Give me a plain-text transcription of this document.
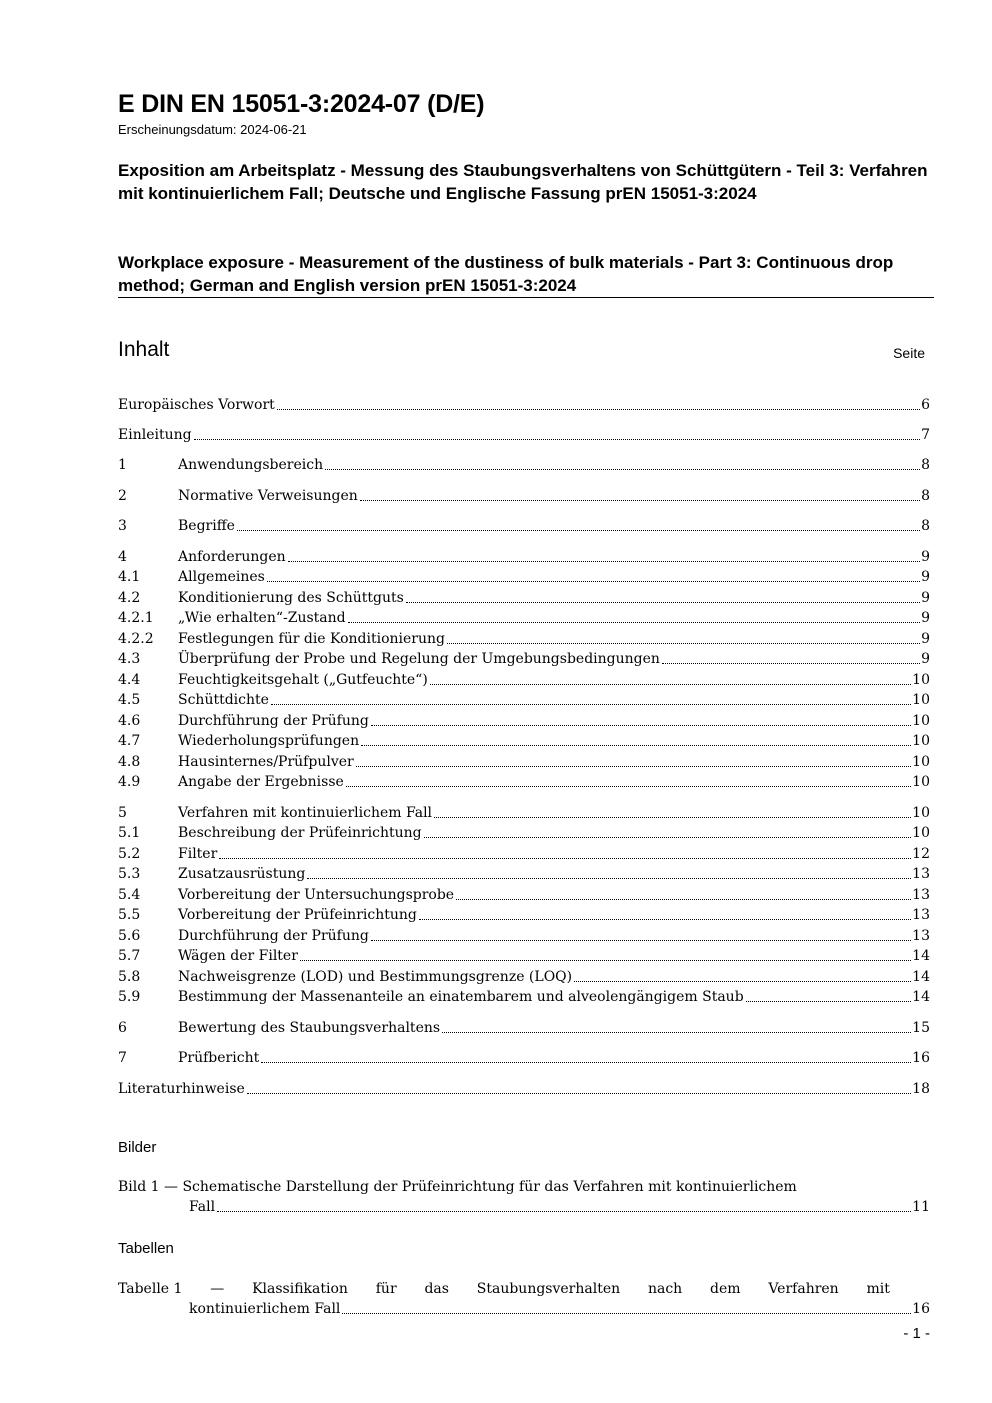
E DIN EN 15051-3:2024-07 (D/E)
Erscheinungsdatum: 2024-06-21
Exposition am Arbeitsplatz - Messung des Staubungsverhaltens von Schüttgütern - Teil 3: Verfahren mit kontinuierlichem Fall; Deutsche und Englische Fassung prEN 15051-3:2024
Workplace exposure - Measurement of the dustiness of bulk materials - Part 3: Continuous drop method; German and English version prEN 15051-3:2024
Inhalt	Seite
Europäisches Vorwort	6
Einleitung	7
1	Anwendungsbereich	8
2	Normative Verweisungen	8
3	Begriffe	8
4	Anforderungen	9
4.1	Allgemeines	9
4.2	Konditionierung des Schüttguts	9
4.2.1	„Wie erhalten“-Zustand	9
4.2.2	Festlegungen für die Konditionierung	9
4.3	Überprüfung der Probe und Regelung der Umgebungsbedingungen	9
4.4	Feuchtigkeitsgehalt („Gutfeuchte“)	10
4.5	Schüttdichte	10
4.6	Durchführung der Prüfung	10
4.7	Wiederholungsprüfungen	10
4.8	Hausinternes/Prüfpulver	10
4.9	Angabe der Ergebnisse	10
5	Verfahren mit kontinuierlichem Fall	10
5.1	Beschreibung der Prüfeinrichtung	10
5.2	Filter	12
5.3	Zusatzausrüstung	13
5.4	Vorbereitung der Untersuchungsprobe	13
5.5	Vorbereitung der Prüfeinrichtung	13
5.6	Durchführung der Prüfung	13
5.7	Wägen der Filter	14
5.8	Nachweisgrenze (LOD) und Bestimmungsgrenze (LOQ)	14
5.9	Bestimmung der Massenanteile an einatembarem und alveolengängigem Staub	14
6	Bewertung des Staubungsverhaltens	15
7	Prüfbericht	16
Literaturhinweise	18
Bilder
Bild 1 — Schematische Darstellung der Prüfeinrichtung für das Verfahren mit kontinuierlichem
Fall	11
Tabellen
Tabelle 1 — Klassifikation für das Staubungsverhalten nach dem Verfahren mit
kontinuierlichem Fall	16
- 1 -
